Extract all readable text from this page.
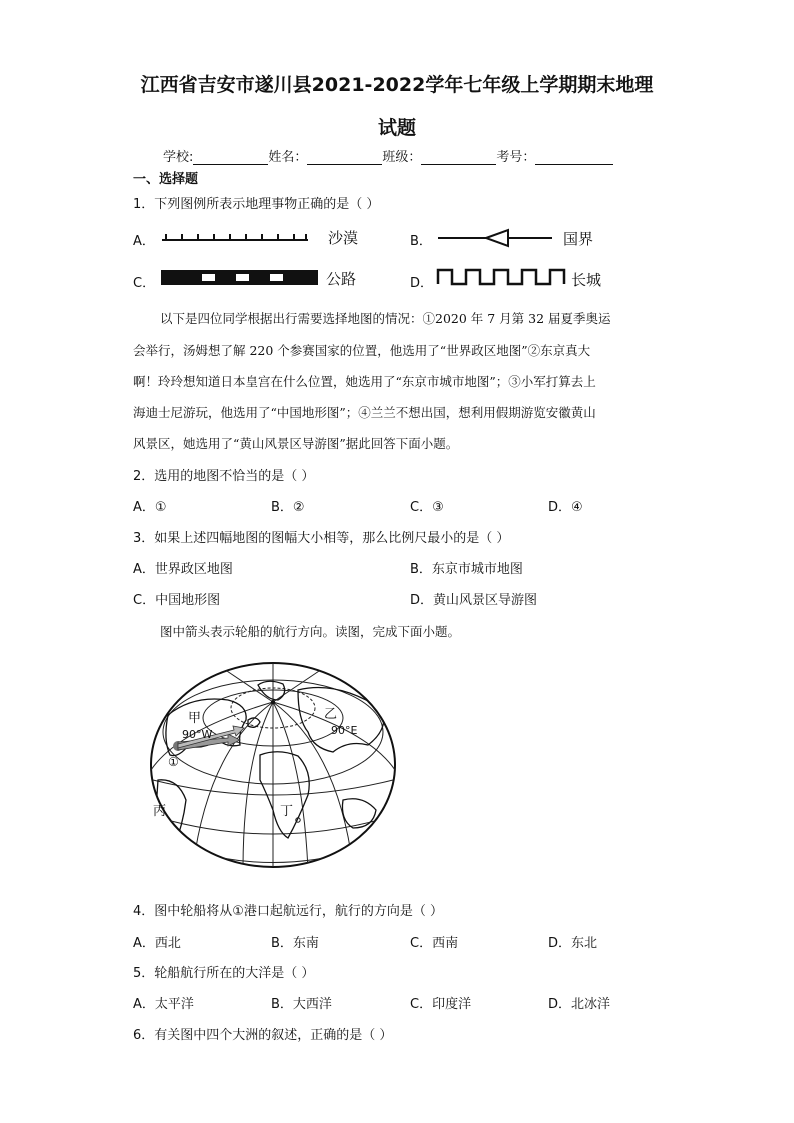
江西省吉安市遂川县2021-2022学年七年级上学期期末地理
试题
学校:	姓名：	班级：	考号：
一、选择题
1．下列图例所表示地理事物正确的是（ ）
A．	沙漠	B．	国界
C．	公路	D．	长城
以下是四位同学根据出行需要选择地图的情况：①2020 年 7 月第 32 届夏季奥运
会举行，汤姆想了解 220 个参赛国家的位置，他选用了“世界政区地图”②东京真大
啊！玲玲想知道日本皇宫在什么位置，她选用了“东京市城市地图”；③小军打算去上
海迪士尼游玩，他选用了“中国地形图”；④兰兰不想出国，想利用假期游览安徽黄山
风景区，她选用了“黄山风景区导游图”据此回答下面小题。
2．选用的地图不恰当的是（ ）
A．①	B．②	C．③	D．④
3．如果上述四幅地图的图幅大小相等，那么比例尺最小的是（ ）
A．世界政区地图	B．东京市城市地图
C．中国地形图	D．黄山风景区导游图
图中箭头表示轮船的航行方向。读图，完成下面小题。
甲
90°W
乙
90°E
①
丙	丁
4．图中轮船将从①港口起航远行，航行的方向是（ ）
A．西北	B．东南	C．西南	D．东北
5．轮船航行所在的大洋是（ ）
A．太平洋	B．大西洋	C．印度洋	D．北冰洋
6．有关图中四个大洲的叙述，正确的是（ ）
